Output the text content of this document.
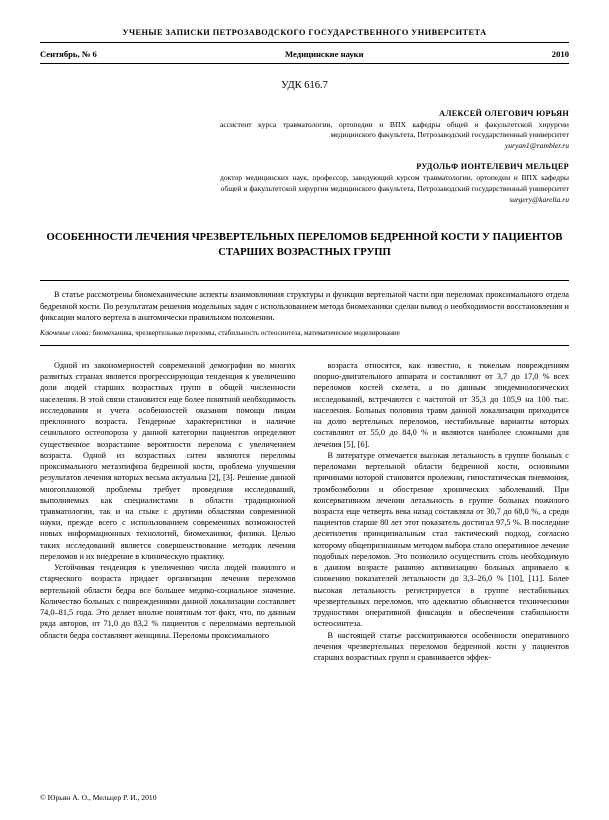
УЧЕНЫЕ ЗАПИСКИ ПЕТРОЗАВОДСКОГО ГОСУДАРСТВЕННОГО УНИВЕРСИТЕТА
Сентябрь, № 6	Медицинские науки	2010
УДК 616.7
АЛЕКСЕЙ ОЛЕГОВИЧ ЮРЬЯН
ассистент курса травматологии, ортопедии и ВПХ кафедры общей и факультетской хирургии медицинского факультета, Петрозаводский государственный университет
yuryan1@rambler.ru
РУДОЛЬФ ИОНТЕЛЕВИЧ МЕЛЬЦЕР
доктор медицинских наук, профессор, заведующий курсом травматологии, ортопедии и ВПХ кафедры общей и факультетской хирургии медицинского факультета, Петрозаводский государственный университет
surgery@karelia.ru
ОСОБЕННОСТИ ЛЕЧЕНИЯ ЧРЕЗВЕРТЕЛЬНЫХ ПЕРЕЛОМОВ БЕДРЕННОЙ КОСТИ У ПАЦИЕНТОВ СТАРШИХ ВОЗРАСТНЫХ ГРУПП
В статье рассмотрены биомеханические аспекты взаимовлияния структуры и функции вертельной части при переломах проксимального отдела бедренной кости. По результатам решения модельных задач с использованием метода биомеханики сделан вывод о необходимости восстановления и фиксации малого вертела в анатомически правильном положении.
Ключевые слова: биомеханика, чрезвертельные переломы, стабильность остеосинтеза, математическое моделирование

Одной из закономерностей современной демографии во многих развитых странах является прогрессирующая тенденция к увеличению доли людей старших возрастных групп в общей численности населения. В этой связи становится еще более понятной необходимость исследования и учета особенностей оказания помощи лицам преклонного возраста. Гендерные характеристики и наличие сенильного остеопороза у данной категории пациентов определяют существенное возрастание вероятности перелома с увеличением возраста. Одной из возрастных снтен являются переломы проксимального метаэпифиза бедренной кости, проблема улучшения результатов лечения которых весьма актуальна [2], [3]. Решение данной многоплановой проблемы требует проведения исследований, выполняемых как специалистами в области традиционной травматологии, так и на стыке с другими областями современной науки, прежде всего с использованием современных возможностей новых информационных технологий, биомеханики, физики. Целью таких исследований является совершенствование методик лечения переломов и их внедрение в клиническую практику.

Устойчивая тенденция к увеличению числа людей пожилого и старческого возраста придает организации лечения переломов вертельной области бедра все большее медико-социальное значение. Количество больных с повреждениями данной локализации составляет 74,0–81,5 года. Это делает вполне понятным тот факт, что, по данным ряда авторов, от 71,0 до 83,2 % пациентов с переломами вертельной области бедра составляют женщины. Переломы проксимального

возраста относятся, как известно, к тяжелым повреждениям опорно-двигательного аппарата и составляют от 3,7 до 17,0 % всех переломов костей скелета, а по данным эпидемиологических исследований, встречаются с частотой от 35,3 до 105,9 на 100 тыс. населения. Больных половина травм данной локализации приходится на долю вертельных переломов, нестабильные варианты которых составляют от 55,0 до 84,0 % и являются наиболее сложными для лечения [5], [6].

В литературе отмечается высокая летальность в группе больных с переломами вертельной области бедренной кости, основными причинами которой становятся пролежни, гипостатическая пневмония, тромбоэмболии и обострение хронических заболеваний. При консервативном лечении летальность в группе больных пожилого возраста еще четверть века назад составляла от 30,7 до 68,0 %, а среди пациентов старше 80 лет этот показатель достигал 97,5 %. В последние десятилетия принципиальным стал тактический подход, согласно которому общепризнанным методом выбора стало оперативное лечение подобных переломов. Это позволило осуществить столь необходимую в данном возрасте раннюю активизацию больных априваело к снижению показателей летальности до 3,3–26,0 % [10], [11]. Более высокая летальность регистрируется в группе нестабильных чрезвертельных переломов, что адекватно объясняется техническими трудностями оперативной фиксации и обеспечения стабильности остеосинтеза.

В настоящей статье рассматриваются особенности оперативного лечения чрезвертельных переломов бедренной кости у пациентов старших возрастных групп и сравнивается эффек-

© Юрьян А. О., Мельцер Р. И., 2010
